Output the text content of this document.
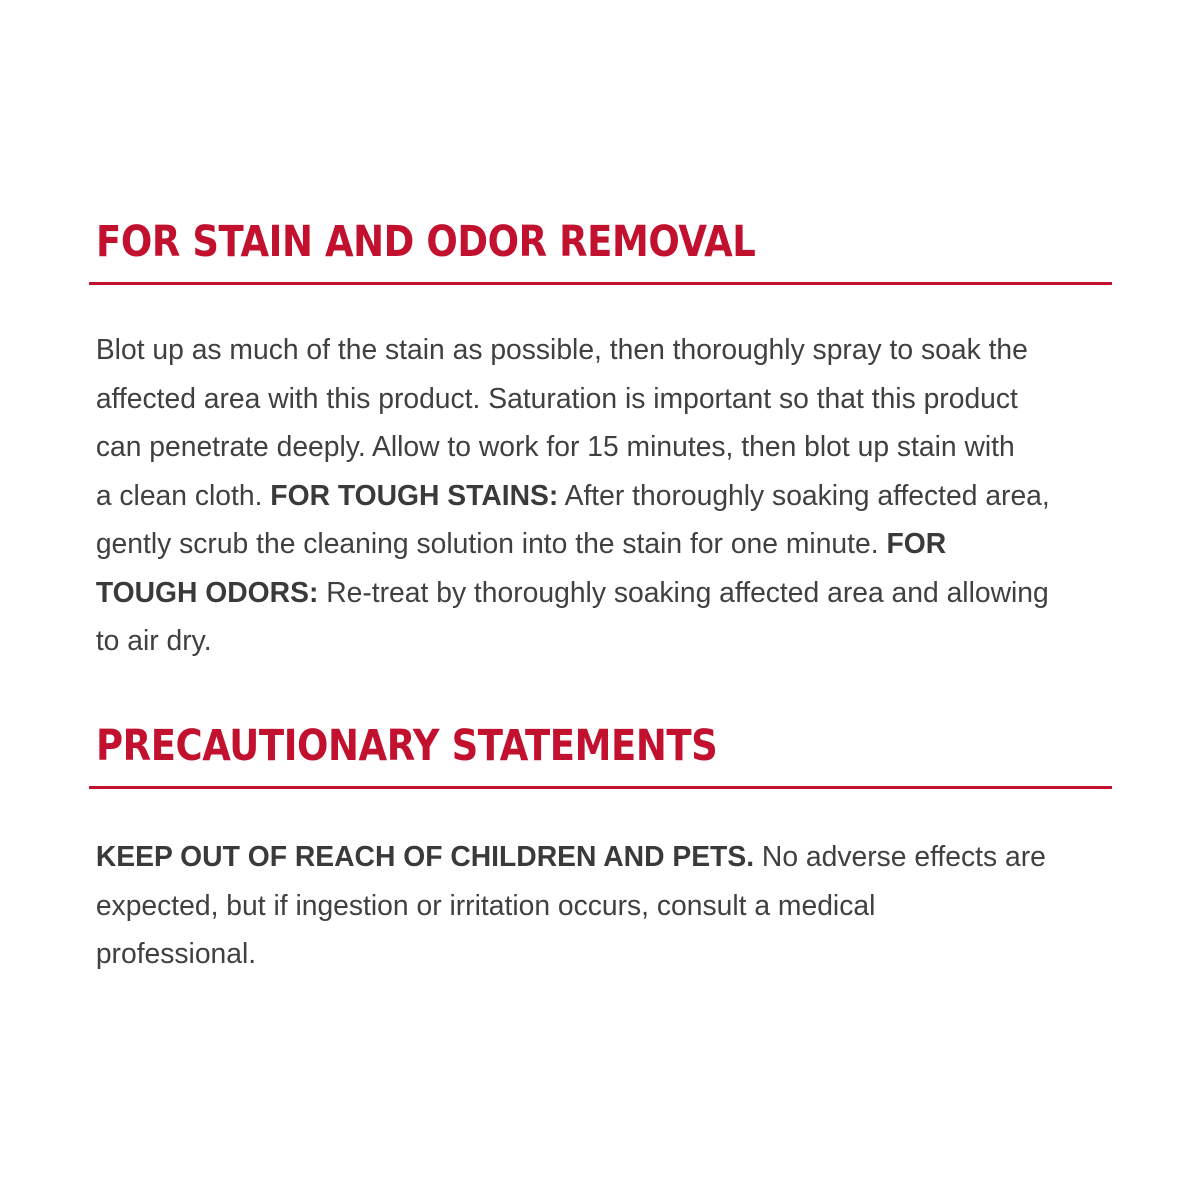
FOR STAIN AND ODOR REMOVAL

Blot up as much of the stain as possible, then thoroughly spray to soak the
affected area with this product. Saturation is important so that this product
can penetrate deeply. Allow to work for 15 minutes, then blot up stain with
a clean cloth. FOR TOUGH STAINS: After thoroughly soaking affected area,
gently scrub the cleaning solution into the stain for one minute. FOR
TOUGH ODORS: Re-treat by thoroughly soaking affected area and allowing
to air dry.

PRECAUTIONARY STATEMENTS

KEEP OUT OF REACH OF CHILDREN AND PETS. No adverse effects are
expected, but if ingestion or irritation occurs, consult a medical
professional.
